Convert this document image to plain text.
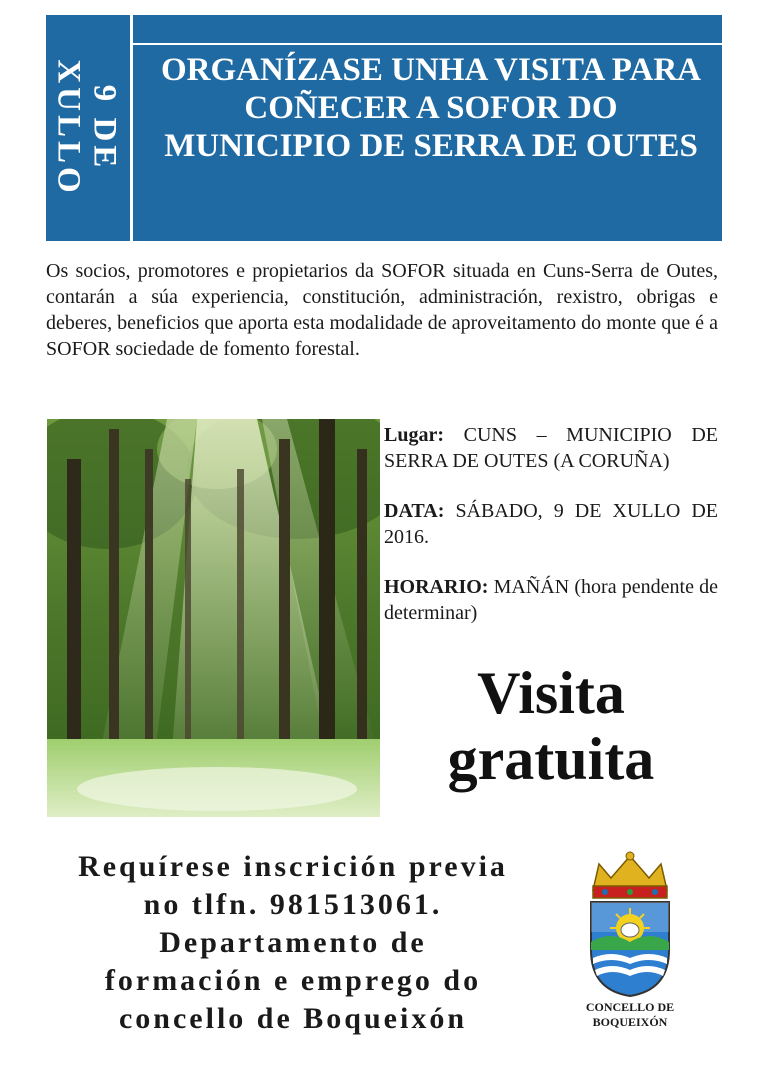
9 DE
XULLO	ORGANÍZASE UNHA VISITA PARA COÑECER A SOFOR DO MUNICIPIO DE SERRA DE OUTES
Os socios, promotores e propietarios da SOFOR situada en Cuns-Serra de Outes, contarán a súa experiencia, constitución, administración, rexistro, obrigas e deberes, beneficios que aporta esta modalidade de aproveitamento do monte que é a SOFOR sociedade de fomento forestal.

Lugar: CUNS – MUNICIPIO DE SERRA DE OUTES (A CORUÑA)

DATA: SÁBADO, 9 DE XULLO DE 2016.

HORARIO: MAÑÁN (hora pendente de determinar)

Visita
gratuita
Requírese inscrición previa
no tlfn. 981513061.
Departamento de
formación e emprego do
concello de Boqueixón	CONCELLO DE
BOQUEIXÓN
